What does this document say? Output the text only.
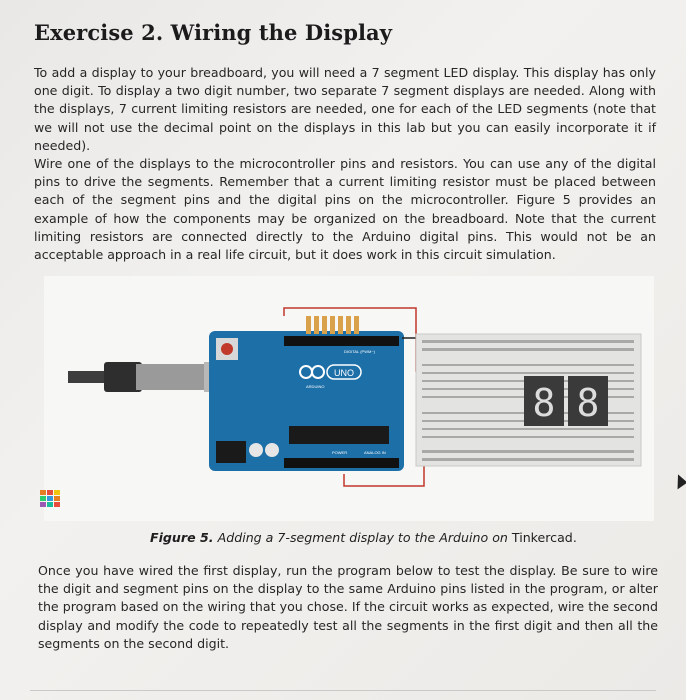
Exercise 2. Wiring the Display
To add a display to your breadboard, you will need a 7 segment LED display. This display has only one digit. To display a two digit number, two separate 7 segment displays are needed. Along with the displays, 7 current limiting resistors are needed, one for each of the LED segments (note that we will not use the decimal point on the displays in this lab but you can easily incorporate it if needed).
Wire one of the displays to the microcontroller pins and resistors. You can use any of the digital pins to drive the segments. Remember that a current limiting resistor must be placed between each of the segment pins and the digital pins on the microcontroller. Figure 5 provides an example of how the components may be organized on the breadboard. Note that the current limiting resistors are connected directly to the Arduino digital pins. This would not be an acceptable approach in a real life circuit, but it does work in this circuit simulation.
UNO
ARDUINO
DIGITAL (PWM~)
POWER	ANALOG IN
8 8
Figure 5. Adding a 7-segment display to the Arduino on Tinkercad.
Once you have wired the first display, run the program below to test the display. Be sure to wire the digit and segment pins on the display to the same Arduino pins listed in the program, or alter the program based on the wiring that you chose. If the circuit works as expected, wire the second display and modify the code to repeatedly test all the segments in the first digit and then all the segments on the second digit.
